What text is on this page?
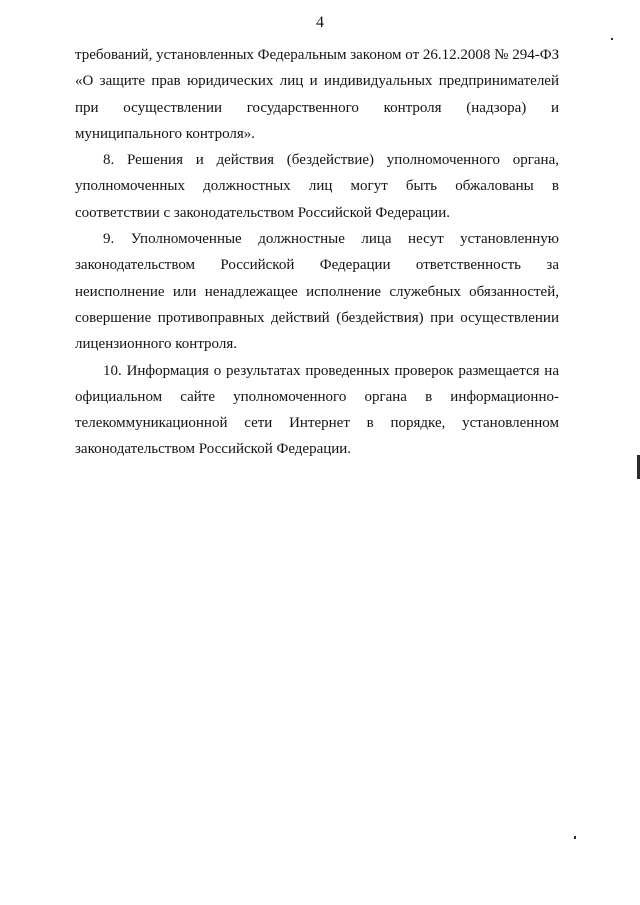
4
требований, установленных Федеральным законом от 26.12.2008 № 294-ФЗ
«О защите прав юридических лиц и индивидуальных предпринимателей
при осуществлении государственного контроля (надзора) и
муниципального контроля».
8. Решения и действия (бездействие) уполномоченного органа,
уполномоченных должностных лиц могут быть обжалованы в
соответствии с законодательством Российской Федерации.
9. Уполномоченные должностные лица несут установленную
законодательством Российской Федерации ответственность за
неисполнение или ненадлежащее исполнение служебных обязанностей,
совершение противоправных действий (бездействия) при осуществлении
лицензионного контроля.
10. Информация о результатах проведенных проверок размещается на
официальном сайте уполномоченного органа в информационно-
телекоммуникационной сети Интернет в порядке, установленном
законодательством Российской Федерации.
